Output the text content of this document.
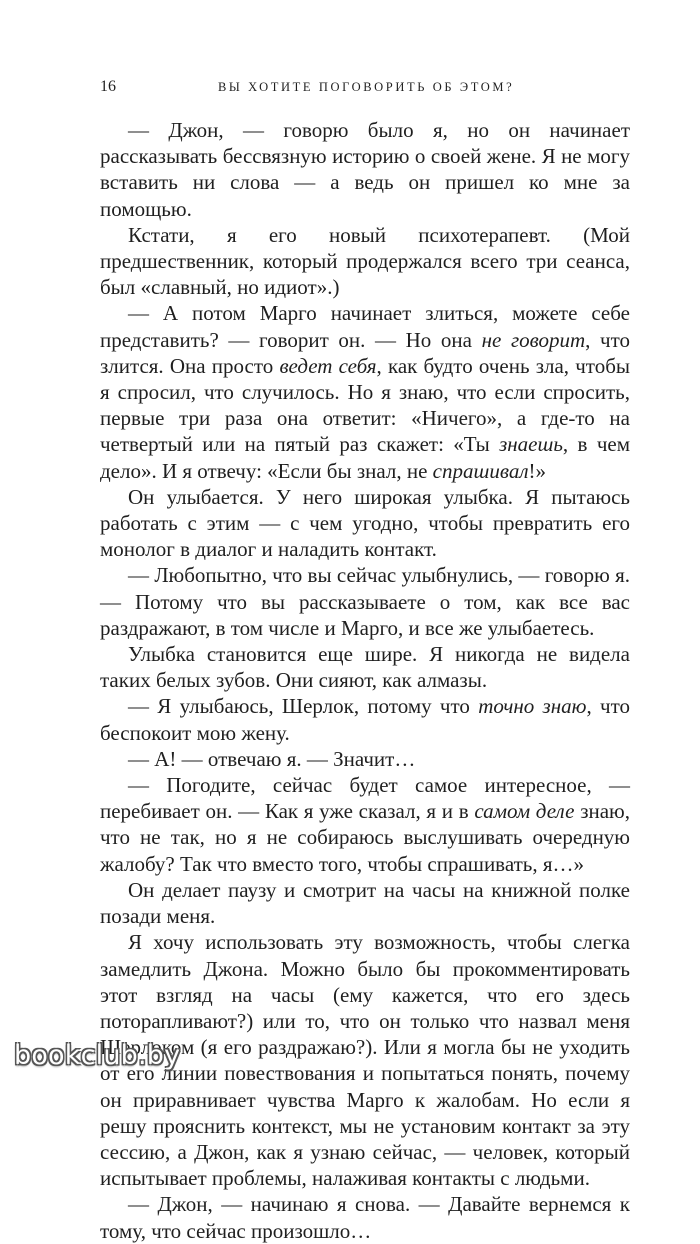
16	ВЫ ХОТИТЕ ПОГОВОРИТЬ ОБ ЭТОМ?

— Джон, — говорю было я, но он начинает рассказывать бессвязную историю о своей жене. Я не могу вставить ни слова — а ведь он пришел ко мне за помощью.

Кстати, я его новый психотерапевт. (Мой предшественник, который продержался всего три сеанса, был «славный, но идиот».)

— А потом Марго начинает злиться, можете себе представить? — говорит он. — Но она не говорит, что злится. Она просто ведет себя, как будто очень зла, чтобы я спросил, что случилось. Но я знаю, что если спросить, первые три раза она ответит: «Ничего», а где-то на четвертый или на пятый раз скажет: «Ты знаешь, в чем дело». И я отвечу: «Если бы знал, не спрашивал!»

Он улыбается. У него широкая улыбка. Я пытаюсь работать с этим — с чем угодно, чтобы превратить его монолог в диалог и наладить контакт.

— Любопытно, что вы сейчас улыбнулись, — говорю я. — Потому что вы рассказываете о том, как все вас раздражают, в том числе и Марго, и все же улыбаетесь.

Улыбка становится еще шире. Я никогда не видела таких белых зубов. Они сияют, как алмазы.

— Я улыбаюсь, Шерлок, потому что точно знаю, что беспокоит мою жену.

— А! — отвечаю я. — Значит…

— Погодите, сейчас будет самое интересное, — перебивает он. — Как я уже сказал, я и в самом деле знаю, что не так, но я не собираюсь выслушивать очередную жалобу? Так что вместо того, чтобы спрашивать, я…»

Он делает паузу и смотрит на часы на книжной полке позади меня.

Я хочу использовать эту возможность, чтобы слегка замедлить Джона. Можно было бы прокомментировать этот взгляд на часы (ему кажется, что его здесь поторапливают?) или то, что он только что назвал меня Шерлоком (я его раздражаю?). Или я могла бы не уходить от его линии повествования и попытаться понять, почему он приравнивает чувства Марго к жалобам. Но если я решу прояснить контекст, мы не установим контакт за эту сессию, а Джон, как я узнаю сейчас, — человек, который испытывает проблемы, налаживая контакты с людьми.

— Джон, — начинаю я снова. — Давайте вернемся к тому, что сейчас произошло…

bookclub.by
